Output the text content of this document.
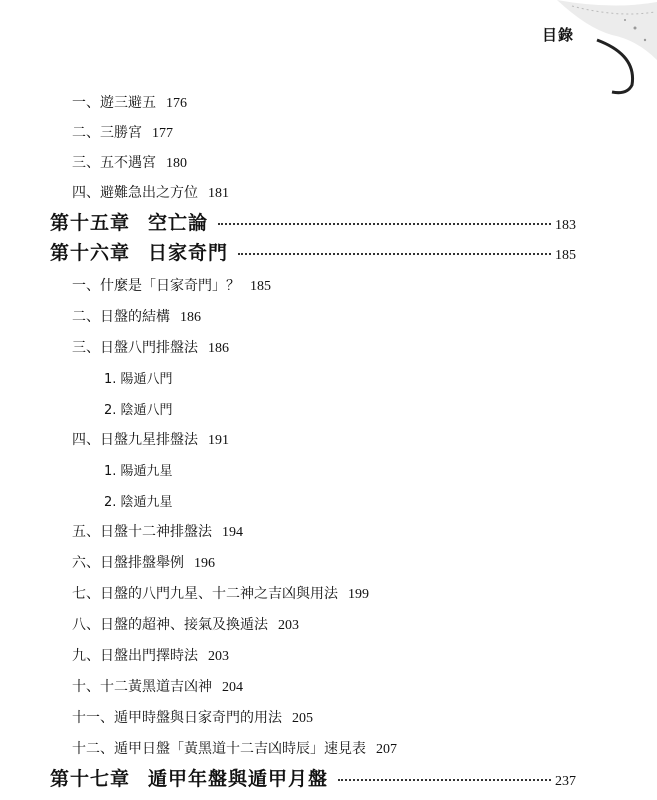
目錄
一、遊三避五 176
二、三勝宮 177
三、五不遇宮 180
四、避難急出之方位 181
第十五章 空亡論	183
第十六章 日家奇門	185
一、什麼是「日家奇門」？ 185
二、日盤的結構 186
三、日盤八門排盤法 186
1. 陽遁八門
2. 陰遁八門
四、日盤九星排盤法 191
1. 陽遁九星
2. 陰遁九星
五、日盤十二神排盤法 194
六、日盤排盤舉例 196
七、日盤的八門九星、十二神之吉凶與用法 199
八、日盤的超神、接氣及換遁法 203
九、日盤出門擇時法 203
十、十二黃黑道吉凶神 204
十一、遁甲時盤與日家奇門的用法 205
十二、遁甲日盤「黃黑道十二吉凶時辰」速見表 207
第十七章 遁甲年盤與遁甲月盤	237
